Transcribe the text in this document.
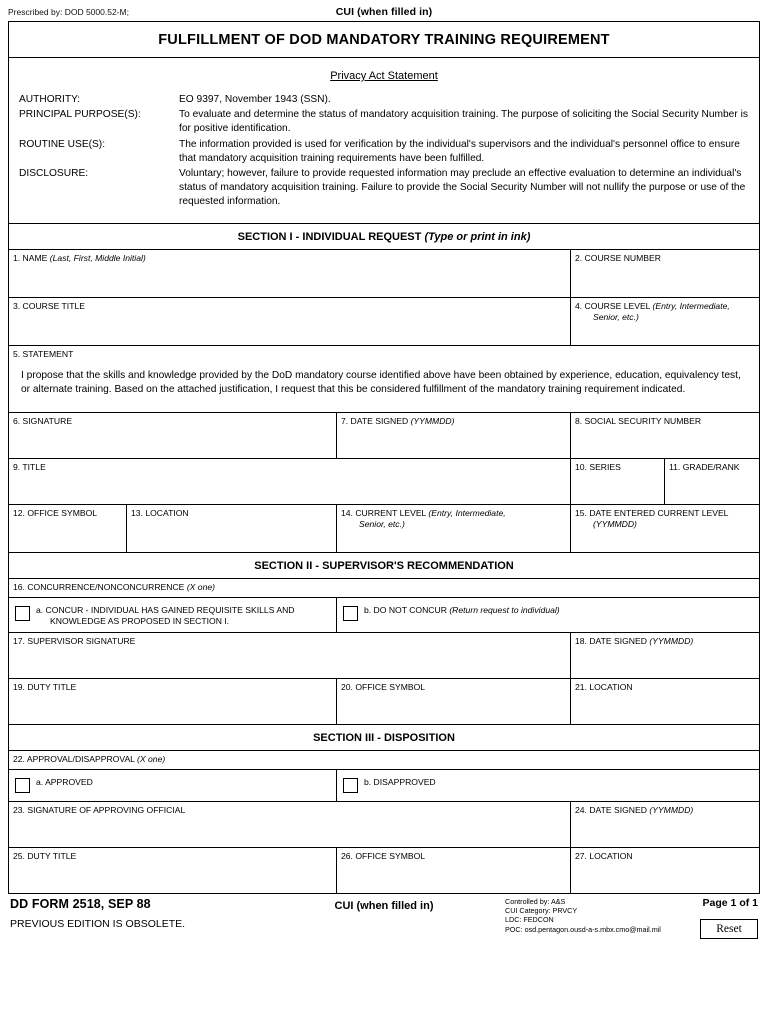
Prescribed by: DOD 5000.52-M;	CUI (when filled in)
FULFILLMENT OF DOD MANDATORY TRAINING REQUIREMENT
Privacy Act Statement
AUTHORITY:	EO 9397, November 1943 (SSN).
PRINCIPAL PURPOSE(S):	To evaluate and determine the status of mandatory acquisition training. The purpose of soliciting the Social Security Number is for positive identification.
ROUTINE USE(S):	The information provided is used for verification by the individual's supervisors and the individual's personnel office to ensure that mandatory acquisition training requirements have been fulfilled.
DISCLOSURE:	Voluntary; however, failure to provide requested information may preclude an effective evaluation to determine an individual's status of mandatory acquisition training. Failure to provide the Social Security Number will not nullify the purpose or use of the requested information.
SECTION I - INDIVIDUAL REQUEST (Type or print in ink)
1. NAME (Last, First, Middle Initial)	2. COURSE NUMBER
3. COURSE TITLE	4. COURSE LEVEL (Entry, Intermediate,
Senior, etc.)
5. STATEMENT
I propose that the skills and knowledge provided by the DoD mandatory course identified above have been obtained by experience, education, equivalency test, or alternate training. Based on the attached justification, I request that this be considered fulfillment of the mandatory training requirement indicated.
6. SIGNATURE	7. DATE SIGNED (YYMMDD)	8. SOCIAL SECURITY NUMBER
9. TITLE	10. SERIES	11. GRADE/RANK
12. OFFICE SYMBOL	13. LOCATION	14. CURRENT LEVEL (Entry, Intermediate,
Senior, etc.)
15. DATE ENTERED CURRENT LEVEL
(YYMMDD)
SECTION II - SUPERVISOR'S RECOMMENDATION
16. CONCURRENCE/NONCONCURRENCE (X one)
a. CONCUR - INDIVIDUAL HAS GAINED REQUISITE SKILLS AND
KNOWLEDGE AS PROPOSED IN SECTION I.
b. DO NOT CONCUR (Return request to individual)
17. SUPERVISOR SIGNATURE	18. DATE SIGNED (YYMMDD)
19. DUTY TITLE	20. OFFICE SYMBOL	21. LOCATION
SECTION III - DISPOSITION
22. APPROVAL/DISAPPROVAL (X one)
a. APPROVED	b. DISAPPROVED
23. SIGNATURE OF APPROVING OFFICIAL	24. DATE SIGNED (YYMMDD)
25. DUTY TITLE	26. OFFICE SYMBOL	27. LOCATION
DD FORM 2518, SEP 88
PREVIOUS EDITION IS OBSOLETE.
CUI (when filled in)	Controlled by: A&S
CUI Category: PRVCY
LDC: FEDCON
POC: osd.pentagon.ousd-a-s.mbx.cmo@mail.mil
Page 1 of 1
Reset
